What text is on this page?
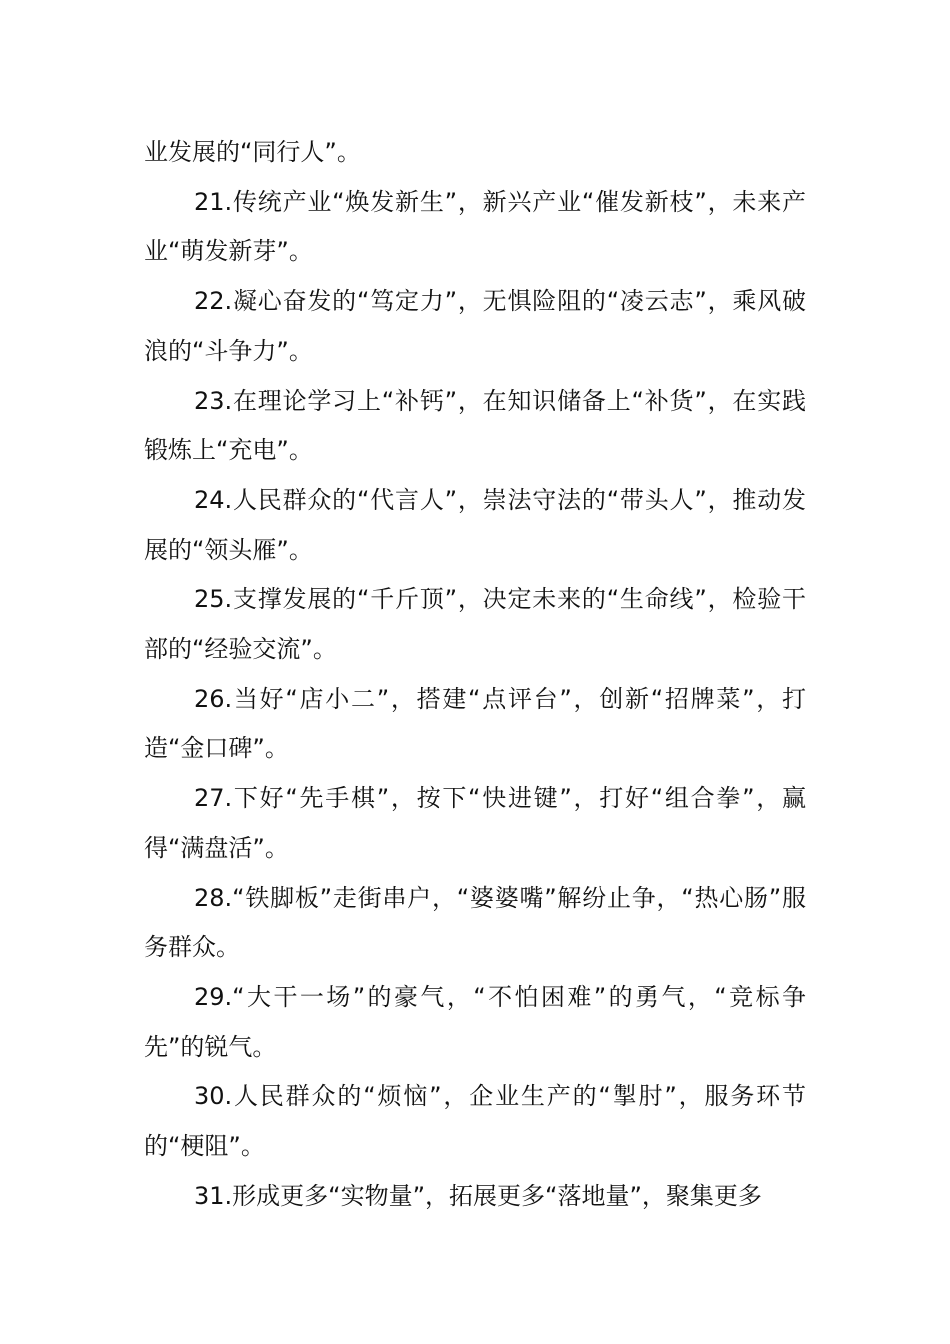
业发展的“同行人”。

21.传统产业“焕发新生”，新兴产业“催发新枝”，未来产业“萌发新芽”。

22.凝心奋发的“笃定力”，无惧险阻的“凌云志”，乘风破浪的“斗争力”。

23.在理论学习上“补钙”，在知识储备上“补货”，在实践锻炼上“充电”。

24.人民群众的“代言人”，崇法守法的“带头人”，推动发展的“领头雁”。

25.支撑发展的“千斤顶”，决定未来的“生命线”，检验干部的“经验交流”。

26.当好“店小二”，搭建“点评台”，创新“招牌菜”，打造“金口碑”。

27.下好“先手棋”，按下“快进键”，打好“组合拳”，赢得“满盘活”。

28.“铁脚板”走街串户，“婆婆嘴”解纷止争，“热心肠”服务群众。

29.“大干一场”的豪气，“不怕困难”的勇气，“竞标争先”的锐气。

30.人民群众的“烦恼”，企业生产的“掣肘”，服务环节的“梗阻”。

31.形成更多“实物量”，拓展更多“落地量”，聚集更多
